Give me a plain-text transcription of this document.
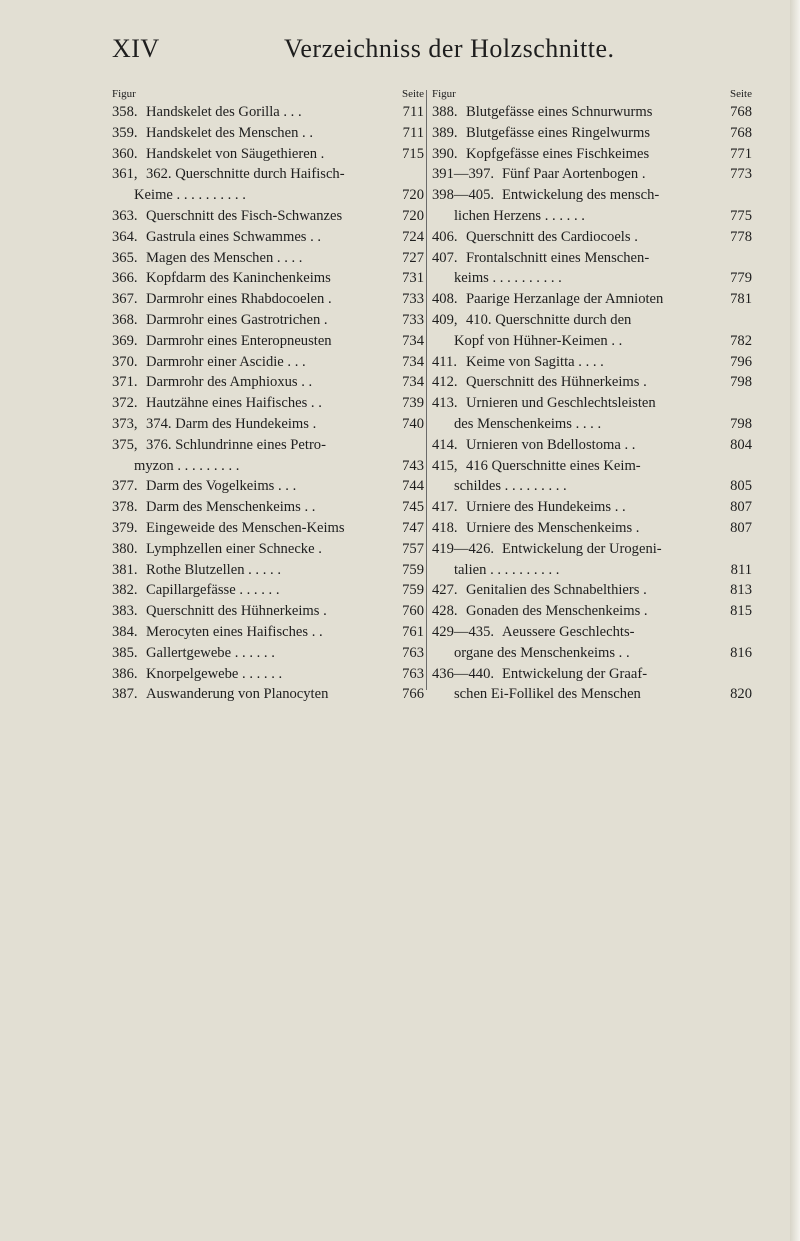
XIV	Verzeichniss der Holzschnitte.
Figur	Seite
358. Handskelet des Gorilla . . .	711
359. Handskelet des Menschen . .	711
360. Handskelet von Säugethieren .	715
361, 362. Querschnitte durch Haifisch-
Keime . . . . . . . . . .	720
363. Querschnitt des Fisch-Schwanzes	720
364. Gastrula eines Schwammes . .	724
365. Magen des Menschen . . . .	727
366. Kopfdarm des Kaninchenkeims	731
367. Darmrohr eines Rhabdocoelen .	733
368. Darmrohr eines Gastrotrichen .	733
369. Darmrohr eines Enteropneusten	734
370. Darmrohr einer Ascidie . . .	734
371. Darmrohr des Amphioxus . .	734
372. Hautzähne eines Haifisches . .	739
373, 374. Darm des Hundekeims .	740
375, 376. Schlundrinne eines Petro-
myzon . . . . . . . . .	743
377. Darm des Vogelkeims . . .	744
378. Darm des Menschenkeims . .	745
379. Eingeweide des Menschen-Keims	747
380. Lymphzellen einer Schnecke .	757
381. Rothe Blutzellen . . . . .	759
382. Capillargefässe . . . . . .	759
383. Querschnitt des Hühnerkeims .	760
384. Merocyten eines Haifisches . .	761
385. Gallertgewebe . . . . . .	763
386. Knorpelgewebe . . . . . .	763
387. Auswanderung von Planocyten	766
Figur	Seite
388. Blutgefässe eines Schnurwurms	768
389. Blutgefässe eines Ringelwurms	768
390. Kopfgefässe eines Fischkeimes	771
391—397. Fünf Paar Aortenbogen .	773
398—405. Entwickelung des mensch-
lichen Herzens . . . . . .	775
406. Querschnitt des Cardiocoels .	778
407. Frontalschnitt eines Menschen-
keims . . . . . . . . . .	779
408. Paarige Herzanlage der Amnioten	781
409, 410. Querschnitte durch den
Kopf von Hühner-Keimen . .	782
411. Keime von Sagitta . . . .	796
412. Querschnitt des Hühnerkeims .	798
413. Urnieren und Geschlechtsleisten
des Menschenkeims . . . .	798
414. Urnieren von Bdellostoma . .	804
415, 416 Querschnitte eines Keim-
schildes . . . . . . . . .	805
417. Urniere des Hundekeims . .	807
418. Urniere des Menschenkeims .	807
419—426. Entwickelung der Urogeni-
talien . . . . . . . . . .	811
427. Genitalien des Schnabelthiers .	813
428. Gonaden des Menschenkeims .	815
429—435. Aeussere Geschlechts-
organe des Menschenkeims . .	816
436—440. Entwickelung der Graaf-
schen Ei-Follikel des Menschen	820
